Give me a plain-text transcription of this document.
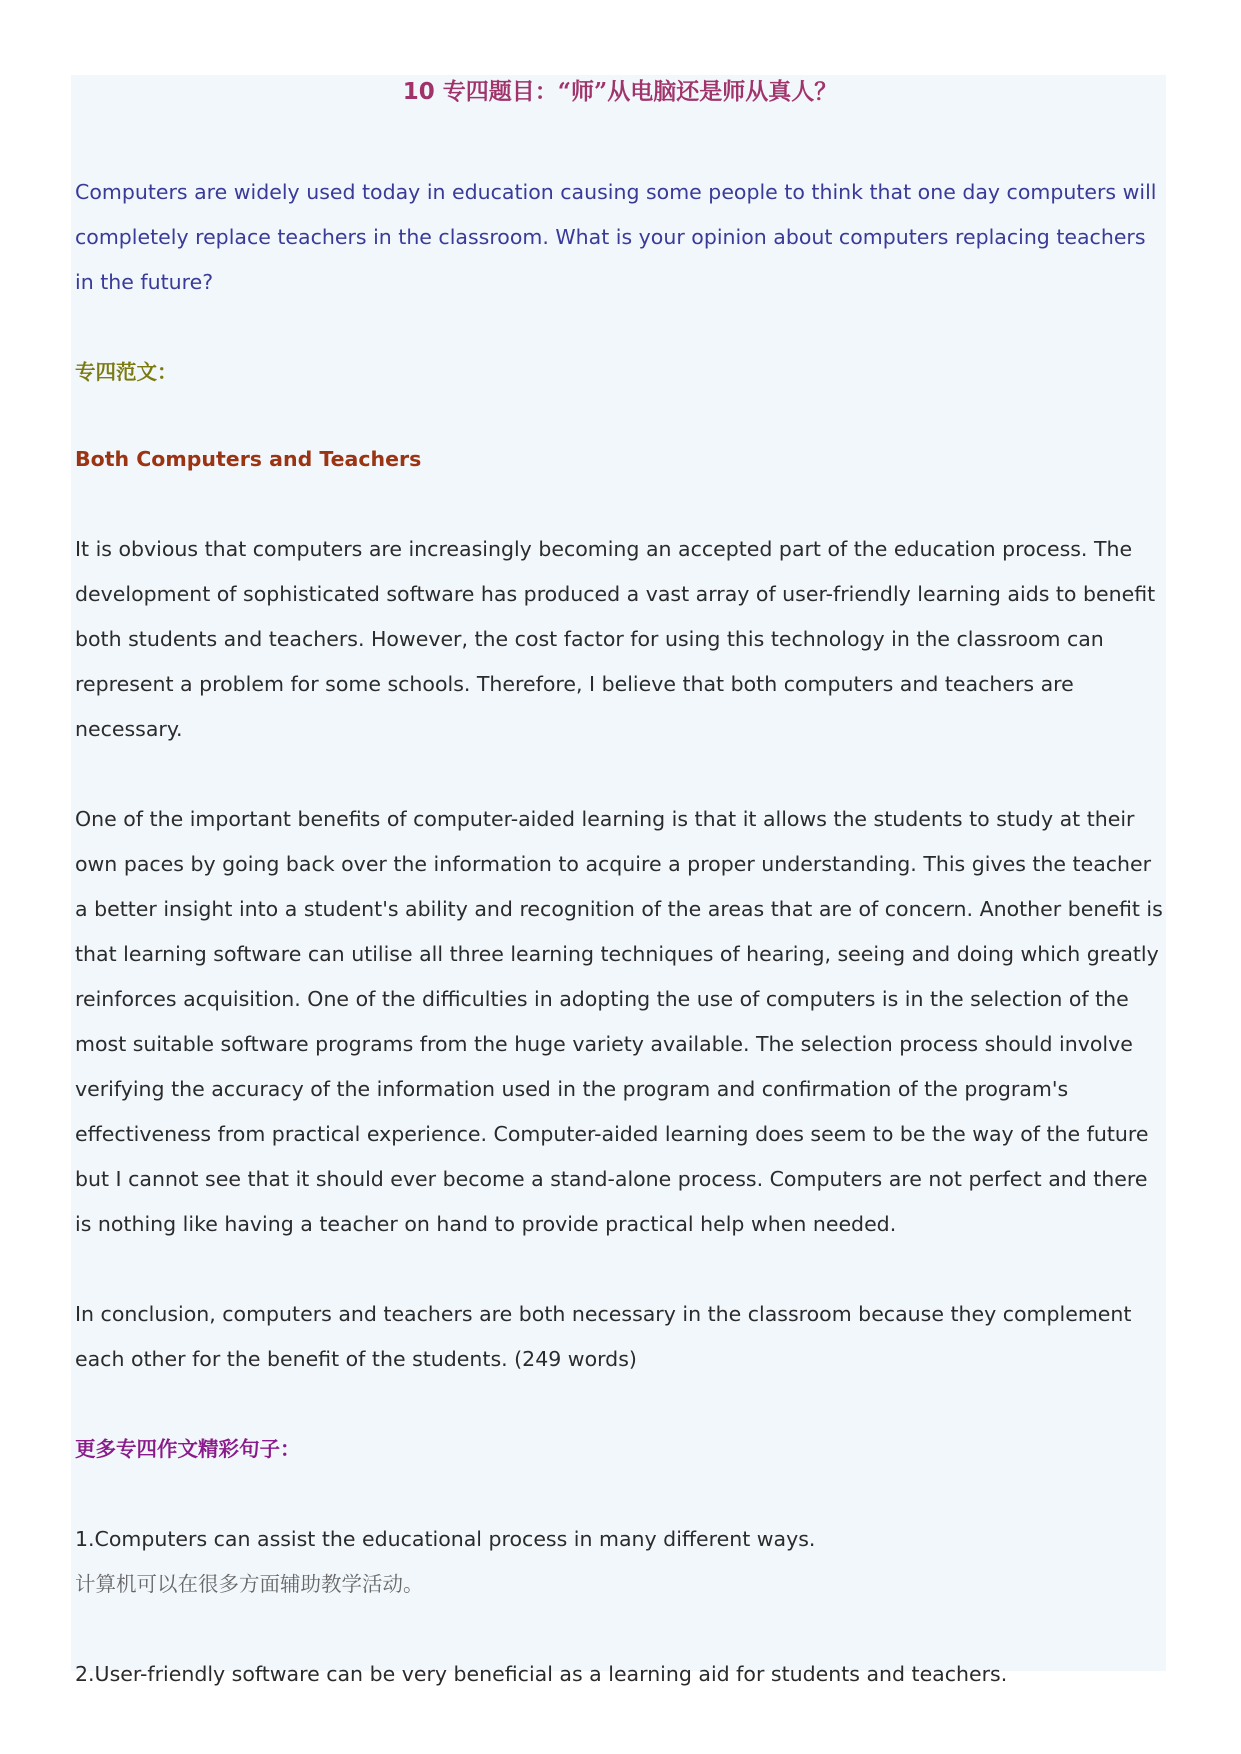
10 专四题目：“师”从电脑还是师从真人？

Computers are widely used today in education causing some people to think that one day computers will completely replace teachers in the classroom. What is your opinion about computers replacing teachers in the future?

专四范文：

Both Computers and Teachers

It is obvious that computers are increasingly becoming an accepted part of the education process. The development of sophisticated software has produced a vast array of user-friendly learning aids to benefit both students and teachers. However, the cost factor for using this technology in the classroom can represent a problem for some schools. Therefore, I believe that both computers and teachers are necessary.

One of the important benefits of computer-aided learning is that it allows the students to study at their own paces by going back over the information to acquire a proper understanding. This gives the teacher a better insight into a student's ability and recognition of the areas that are of concern. Another benefit is that learning software can utilise all three learning techniques of hearing, seeing and doing which greatly reinforces acquisition. One of the difficulties in adopting the use of computers is in the selection of the most suitable software programs from the huge variety available. The selection process should involve verifying the accuracy of the information used in the program and confirmation of the program's effectiveness from practical experience. Computer-aided learning does seem to be the way of the future but I cannot see that it should ever become a stand-alone process. Computers are not perfect and there is nothing like having a teacher on hand to provide practical help when needed.

In conclusion, computers and teachers are both necessary in the classroom because they complement each other for the benefit of the students. (249 words)

更多专四作文精彩句子：

1.Computers can assist the educational process in many different ways.

计算机可以在很多方面辅助教学活动。

2.User-friendly software can be very beneficial as a learning aid for students and teachers.
